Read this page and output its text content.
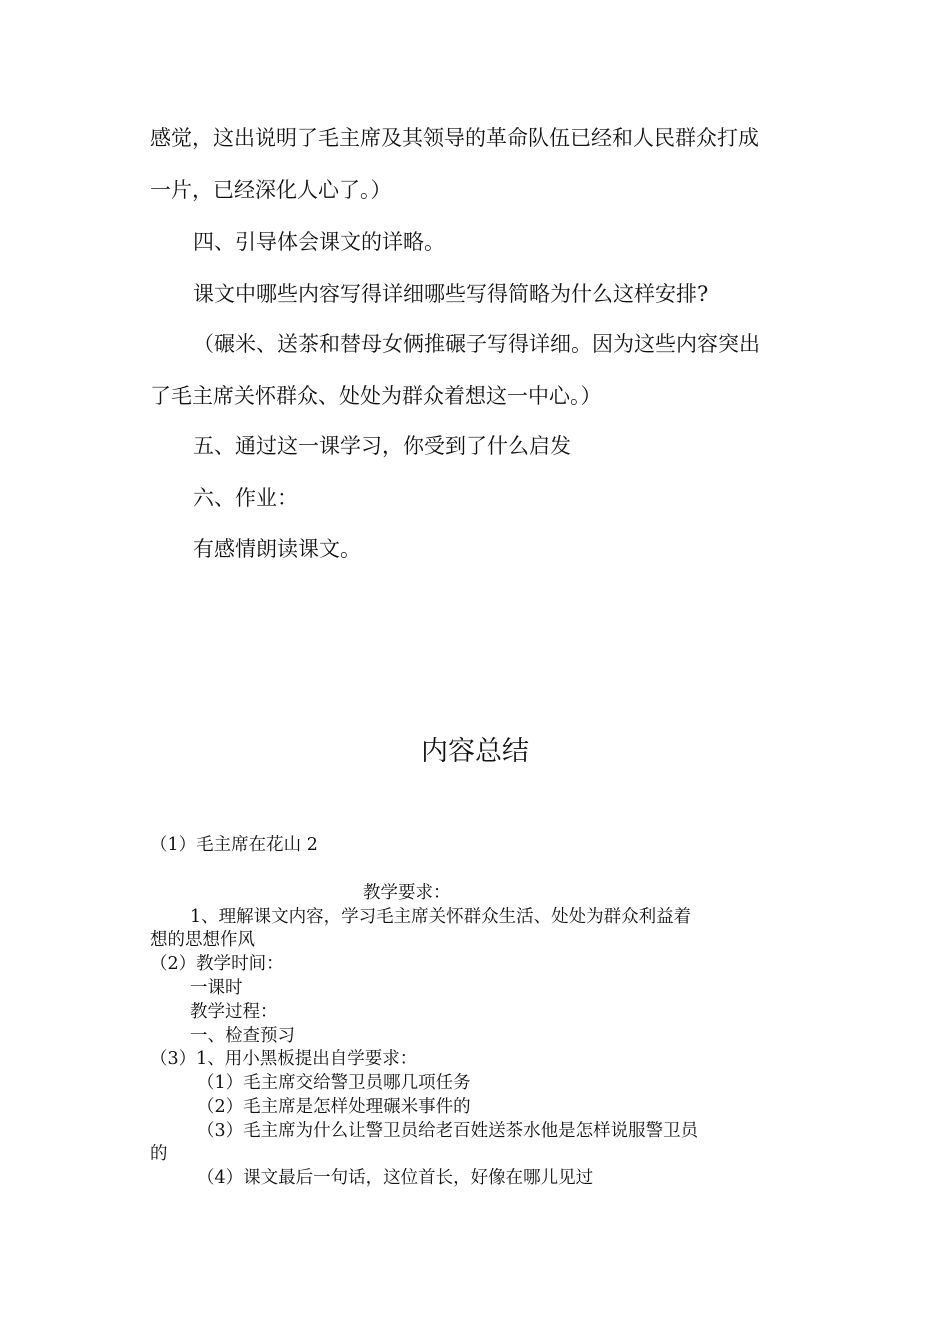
感觉，这出说明了毛主席及其领导的革命队伍已经和人民群众打成

一片，已经深化人心了。）

四、引导体会课文的详略。

课文中哪些内容写得详细哪些写得简略为什么这样安排?

（碾米、送茶和替母女俩推碾子写得详细。因为这些内容突出

了毛主席关怀群众、处处为群众着想这一中心。）

五、通过这一课学习，你受到了什么启发

六、作业：

有感情朗读课文。

内容总结

（1）毛主席在花山 2

教学要求：

1、理解课文内容，学习毛主席关怀群众生活、处处为群众利益着

想的思想作风

（2）教学时间：

一课时

教学过程：

一、检查预习

（3）1、用小黑板提出自学要求：

（1）毛主席交给警卫员哪几项任务

（2）毛主席是怎样处理碾米事件的

（3）毛主席为什么让警卫员给老百姓送茶水他是怎样说服警卫员

的

（4）课文最后一句话，这位首长，好像在哪儿见过
